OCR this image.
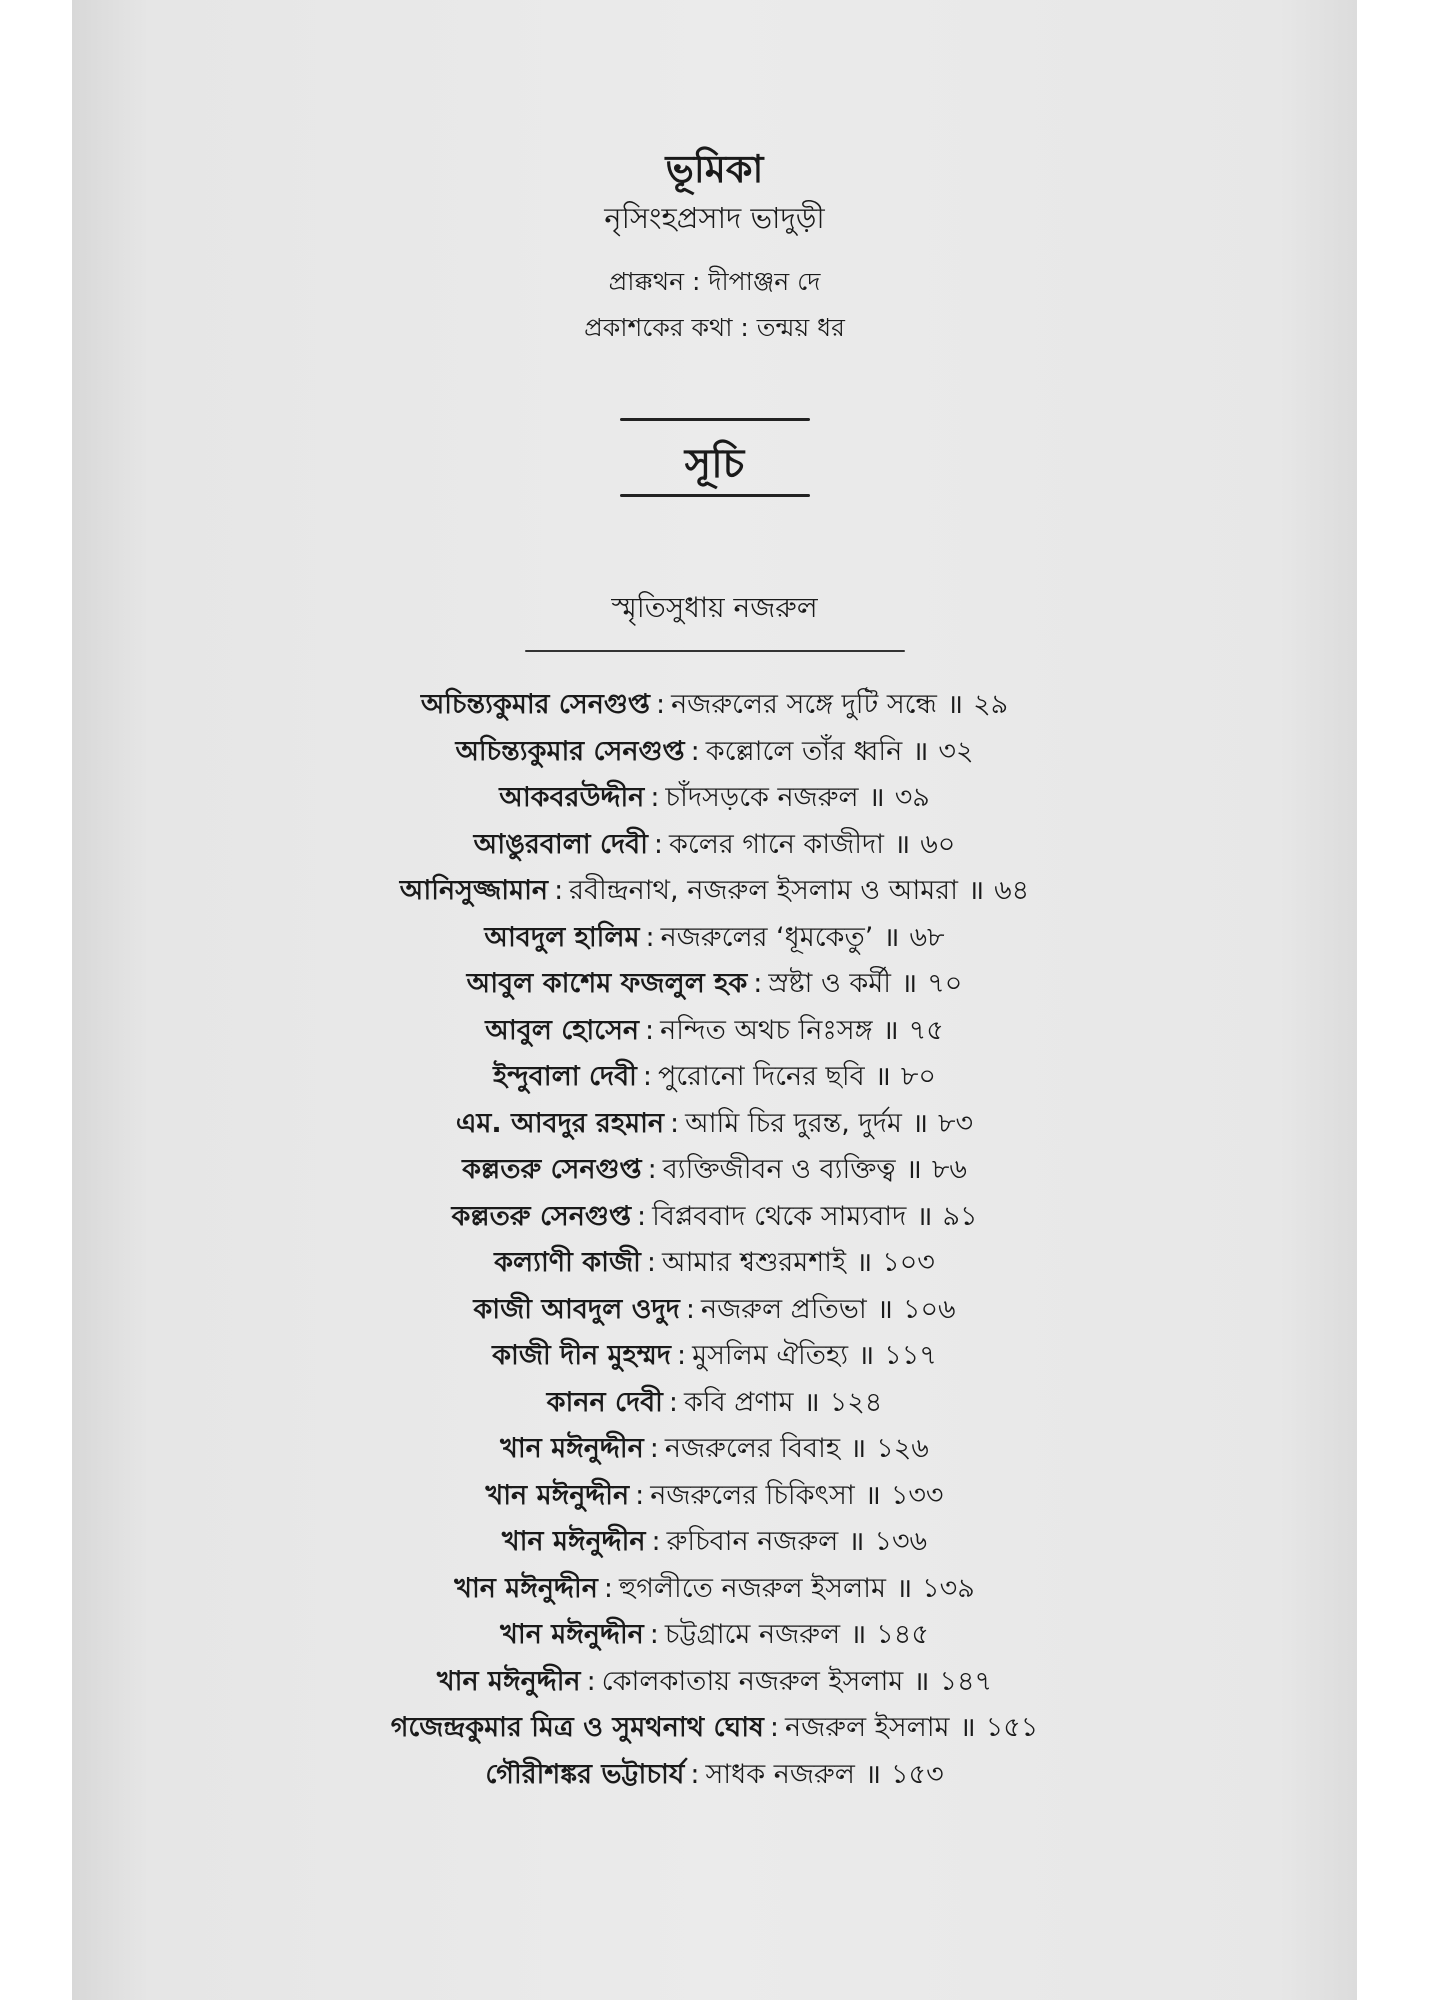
ভূমিকা
নৃসিংহপ্রসাদ ভাদুড়ী
প্রাক্কথন : দীপাঞ্জন দে
প্রকাশকের কথা : তন্ময় ধর
সূচি
স্মৃতিসুধায় নজরুল
অচিন্ত্যকুমার সেনগুপ্ত : নজরুলের সঙ্গে দুটি সন্ধে ॥ ২৯
অচিন্ত্যকুমার সেনগুপ্ত : কল্লোলে তাঁর ধ্বনি ॥ ৩২
আকবরউদ্দীন : চাঁদসড়কে নজরুল ॥ ৩৯
আঙুরবালা দেবী : কলের গানে কাজীদা ॥ ৬০
আনিসুজ্জামান : রবীন্দ্রনাথ, নজরুল ইসলাম ও আমরা ॥ ৬৪
আবদুল হালিম : নজরুলের ‘ধূমকেতু’ ॥ ৬৮
আবুল কাশেম ফজলুল হক : স্রষ্টা ও কর্মী ॥ ৭০
আবুল হোসেন : নন্দিত অথচ নিঃসঙ্গ ॥ ৭৫
ইন্দুবালা দেবী : পুরোনো দিনের ছবি ॥ ৮০
এম. আবদুর রহমান : আমি চির দুরন্ত, দুর্দম ॥ ৮৩
কল্লতরু সেনগুপ্ত : ব্যক্তিজীবন ও ব্যক্তিত্ব ॥ ৮৬
কল্লতরু সেনগুপ্ত : বিপ্লববাদ থেকে সাম্যবাদ ॥ ৯১
কল্যাণী কাজী : আমার শ্বশুরমশাই ॥ ১০৩
কাজী আবদুল ওদুদ : নজরুল প্রতিভা ॥ ১০৬
কাজী দীন মুহম্মদ : মুসলিম ঐতিহ্য ॥ ১১৭
কানন দেবী : কবি প্রণাম ॥ ১২৪
খান মঈনুদ্দীন : নজরুলের বিবাহ ॥ ১২৬
খান মঈনুদ্দীন : নজরুলের চিকিৎসা ॥ ১৩৩
খান মঈনুদ্দীন : রুচিবান নজরুল ॥ ১৩৬
খান মঈনুদ্দীন : হুগলীতে নজরুল ইসলাম ॥ ১৩৯
খান মঈনুদ্দীন : চট্টগ্রামে নজরুল ॥ ১৪৫
খান মঈনুদ্দীন : কোলকাতায় নজরুল ইসলাম ॥ ১৪৭
গজেন্দ্রকুমার মিত্র ও সুমথনাথ ঘোষ : নজরুল ইসলাম ॥ ১৫১
গৌরীশঙ্কর ভট্টাচার্য : সাধক নজরুল ॥ ১৫৩
